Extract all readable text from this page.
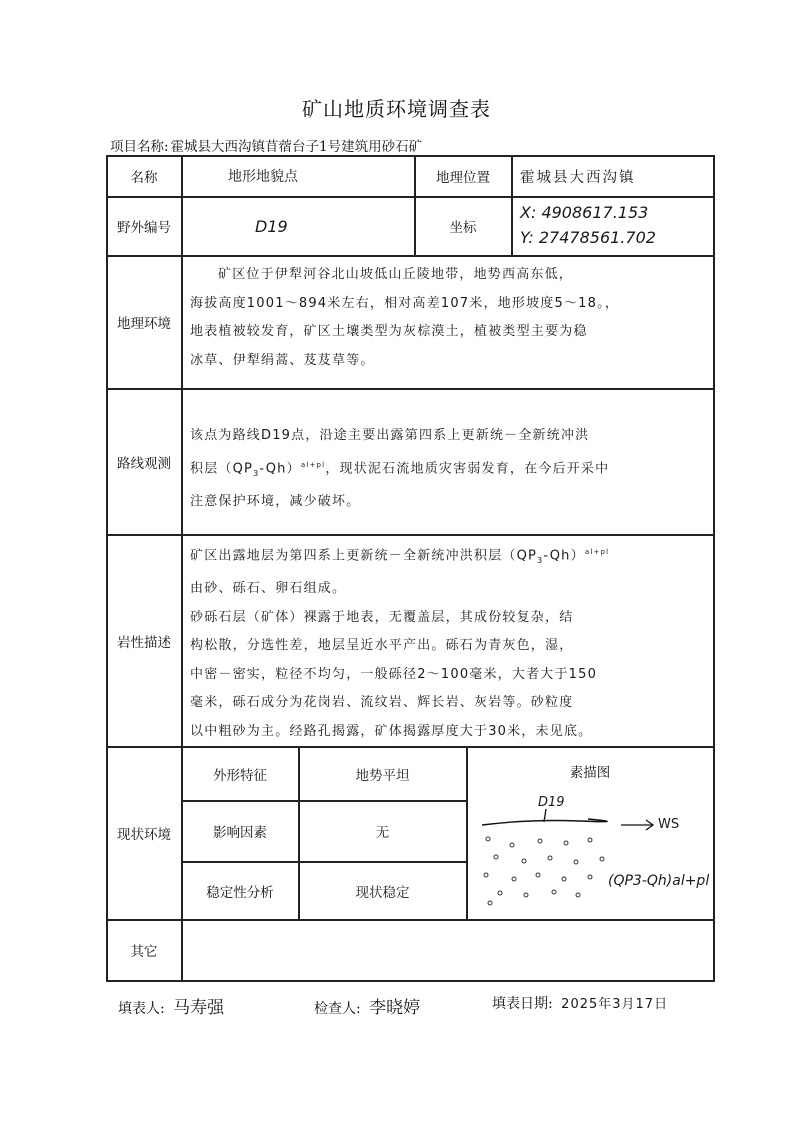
矿山地质环境调查表
项目名称: 霍城县大西沟镇苜蓿台子1号建筑用砂石矿
名称	地形地貌点	地理位置	霍城县大西沟镇
野外编号	D19	坐标
X: 4908617.153
Y: 27478561.702
地理环境
矿区位于伊犁河谷北山坡低山丘陵地带，地势西高东低，
海拔高度1001～894米左右，相对高差107米，地形坡度5～18。，
地表植被较发育，矿区土壤类型为灰棕漠土，植被类型主要为稳
冰草、伊犁绢蒿、芨芨草等。
路线观测
该点为路线D19点，沿途主要出露第四系上更新统－全新统冲洪
积层$(QP_3-Qh)^{al+pl}$，现状泥石流地质灾害弱发育，在今后开采中
注意保护环境，减少破坏。
岩性描述
矿区出露地层为第四系上更新统－全新统冲洪积层$(QP_3-Qh)^{al+pl}$
由砂、砾石、卵石组成。
砂砾石层（矿体）裸露于地表，无覆盖层，其成份较复杂，结
构松散，分选性差，地层呈近水平产出。砾石为青灰色，湿，
中密－密实，粒径不均匀，一般砾径2～100毫米，大者大于150
毫米，砾石成分为花岗岩、流纹岩、辉长岩、灰岩等。砂粒度
以中粗砂为主。经路孔揭露，矿体揭露厚度大于30米，未见底。
现状环境
外形特征	地势平坦
影响因素	无
稳定性分析	现状稳定
素描图
D19
WS
(QP3-Qh)al+pl
其它
填表人: 马寿强	检查人: 李晓婷	填表日期: 2025年3月17日
